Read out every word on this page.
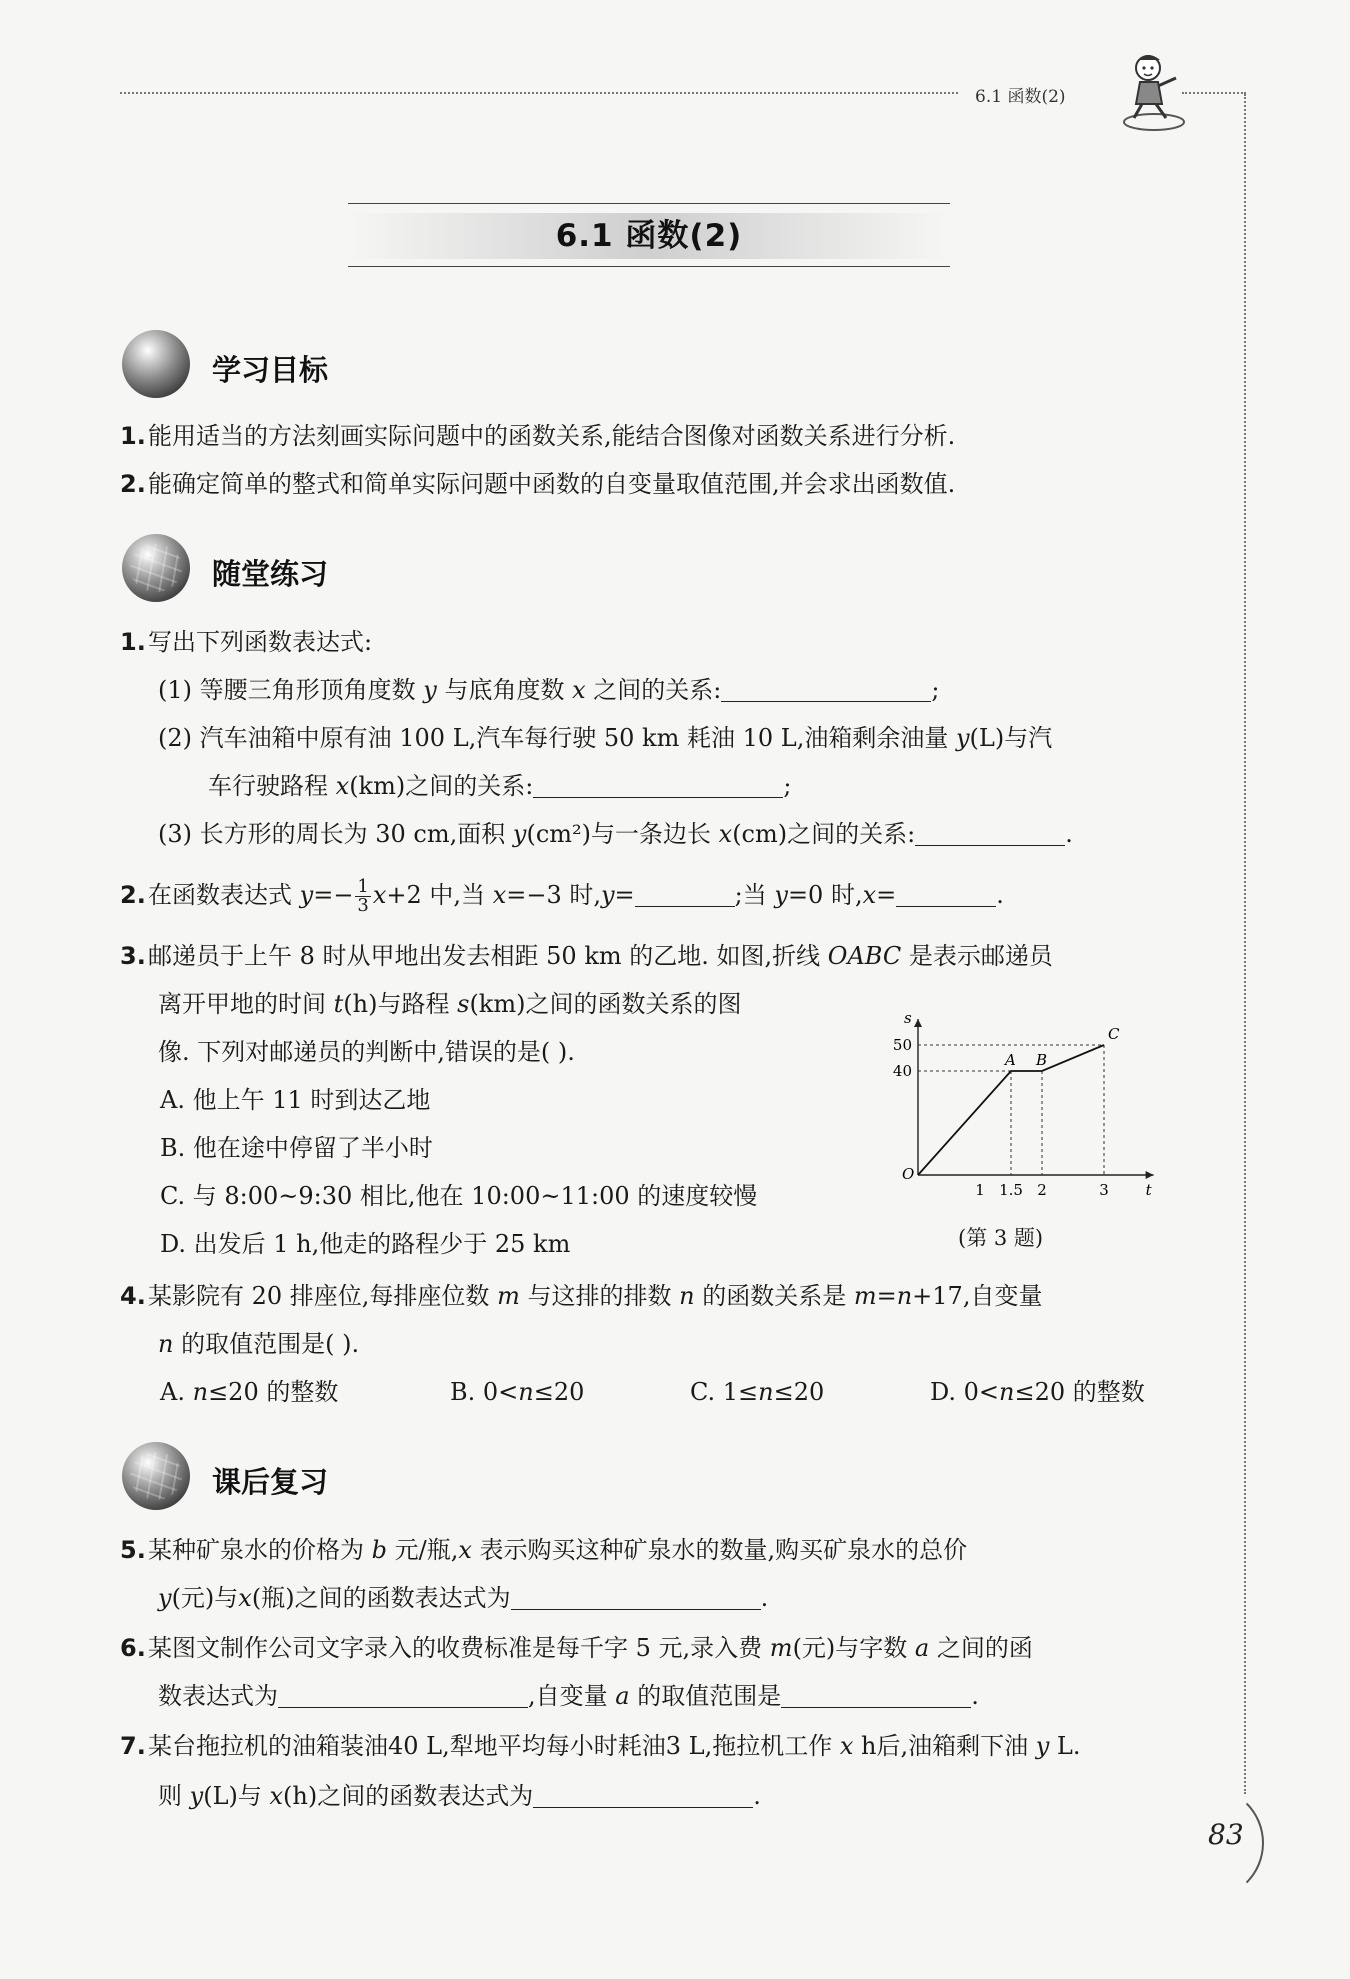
6.1 函数(2)
6.1 函数(2)
学习目标
1.能用适当的方法刻画实际问题中的函数关系,能结合图像对函数关系进行分析.
2.能确定简单的整式和简单实际问题中函数的自变量取值范围,并会求出函数值.
随堂练习
1.写出下列函数表达式:
(1) 等腰三角形顶角度数 y 与底角度数 x 之间的关系:	;
(2) 汽车油箱中原有油 100 L,汽车每行驶 50 km 耗油 10 L,油箱剩余油量 y(L)与汽
车行驶路程 x(km)之间的关系:	;
(3) 长方形的周长为 30 cm,面积 y(cm²)与一条边长 x(cm)之间的关系:	.
2.在函数表达式 $y=- \frac{1}{3} x+2$ 中,当 x=−3 时,y=	;当 y=0 时,x=	.
3.邮递员于上午 8 时从甲地出发去相距 50 km 的乙地. 如图,折线 OABC 是表示邮递员
离开甲地的时间 t(h)与路程 s(km)之间的函数关系的图
像. 下列对邮递员的判断中,错误的是( ).
A. 他上午 11 时到达乙地
B. 他在途中停留了半小时
C. 与 8:00~9:30 相比,他在 10:00~11:00 的速度较慢
D. 出发后 1 h,他走的路程少于 25 km
t
s
1 1.5 2	3
40
50
O
A B
C
(第 3 题)
4.某影院有 20 排座位,每排座位数 m 与这排的排数 n 的函数关系是 m=n+17,自变量
n 的取值范围是( ).
A. n≤20 的整数	B. 0<n≤20	C. 1≤n≤20	D. 0<n≤20 的整数
课后复习
5.某种矿泉水的价格为 b 元/瓶,x 表示购买这种矿泉水的数量,购买矿泉水的总价
y(元)与x(瓶)之间的函数表达式为	.
6.某图文制作公司文字录入的收费标准是每千字 5 元,录入费 m(元)与字数 a 之间的函
数表达式为	,自变量 a 的取值范围是	.
7.某台拖拉机的油箱装油40 L,犁地平均每小时耗油3 L,拖拉机工作 x h后,油箱剩下油 y L.
则 y(L)与 x(h)之间的函数表达式为	.
83
